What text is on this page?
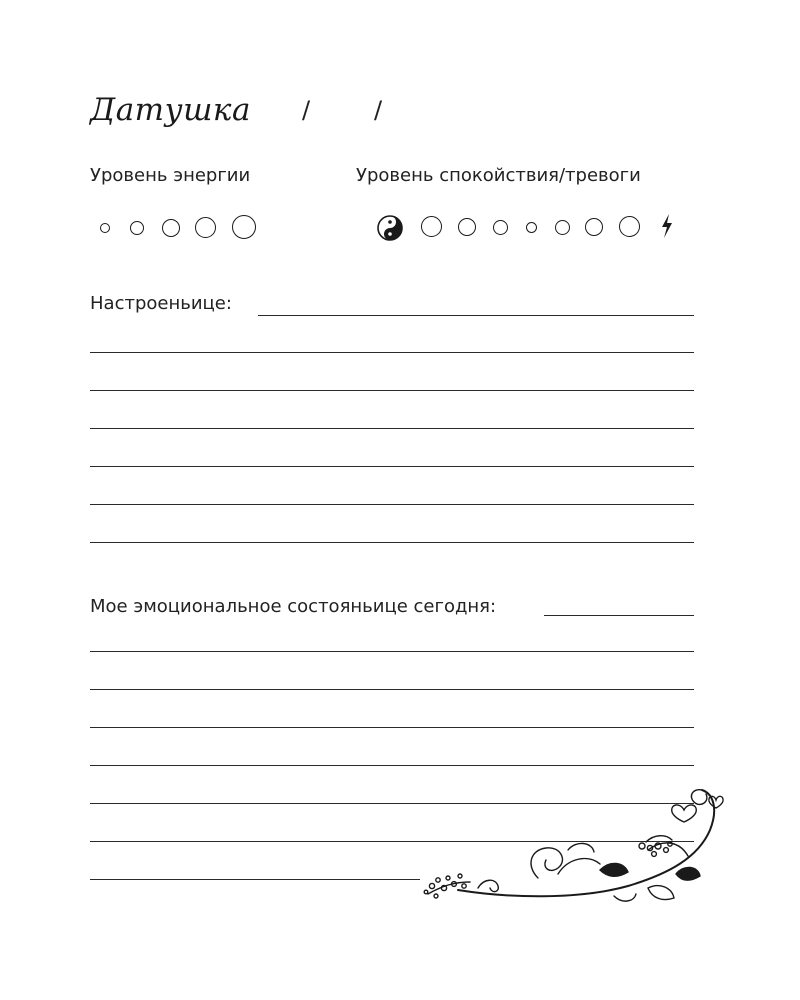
Датушка /	/
Уровень энергии	Уровень спокойствия/тревоги
Настроеньице:
Мое эмоциональное состояньице сегодня:
